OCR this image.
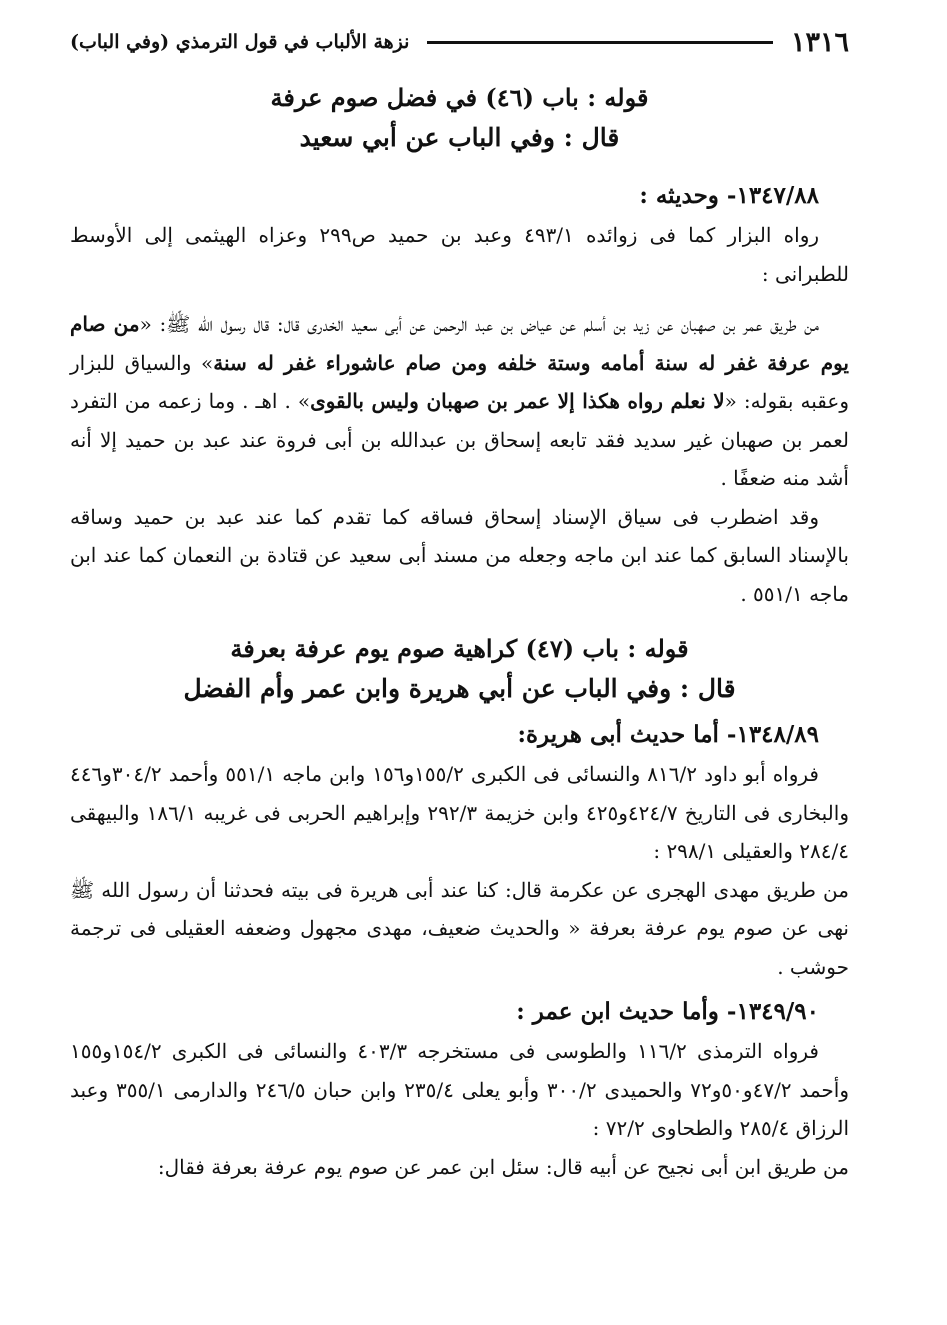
١٣١٦
نزهة الألباب في قول الترمذي (وفي الباب)
قوله : باب (٤٦) في فضل صوم عرفة
قال : وفي الباب عن أبي سعيد
١٣٤٧/٨٨- وحديثه :

رواه البزار كما فى زوائده ٤٩٣/١ وعبد بن حميد ص٢٩٩ وعزاه الهيثمى إلى الأوسط للطبرانى :

من طريق عمر بن صهبان عن زيد بن أسلم عن عياض بن عبد الرحمن عن أبى سعيد الخدرى قال: قال رسول الله ﷺ: «من صام يوم عرفة غفر له سنة أمامه وستة خلفه ومن صام عاشوراء غفر له سنة» والسياق للبزار وعقبه بقوله: «لا نعلم رواه هكذا إلا عمر بن صهبان وليس بالقوى» . اهـ . وما زعمه من التفرد لعمر بن صهبان غير سديد فقد تابعه إسحاق بن عبدالله بن أبى فروة عند عبد بن حميد إلا أنه أشد منه ضعفًا .

وقد اضطرب فى سياق الإسناد إسحاق فساقه كما تقدم كما عند عبد بن حميد وساقه بالإسناد السابق كما عند ابن ماجه وجعله من مسند أبى سعيد عن قتادة بن النعمان كما عند ابن ماجه ٥٥١/١ .

قوله : باب (٤٧) كراهية صوم يوم عرفة بعرفة
قال : وفي الباب عن أبي هريرة وابن عمر وأم الفضل
١٣٤٨/٨٩- أما حديث أبى هريرة:

فرواه أبو داود ٨١٦/٢ والنسائى فى الكبرى ١٥٥/٢و١٥٦ وابن ماجه ٥٥١/١ وأحمد ٣٠٤/٢و٤٤٦ والبخارى فى التاريخ ٤٢٤/٧و٤٢٥ وابن خزيمة ٢٩٢/٣ وإبراهيم الحربى فى غريبه ١٨٦/١ والبيهقى ٢٨٤/٤ والعقيلى ٢٩٨/١ :

من طريق مهدى الهجرى عن عكرمة قال: كنا عند أبى هريرة فى بيته فحدثنا أن رسول الله ﷺ نهى عن صوم يوم عرفة بعرفة « والحديث ضعيف، مهدى مجهول وضعفه العقيلى فى ترجمة حوشب .

١٣٤٩/٩٠- وأما حديث ابن عمر :

فرواه الترمذى ١١٦/٢ والطوسى فى مستخرجه ٤٠٣/٣ والنسائى فى الكبرى ١٥٤/٢و١٥٥ وأحمد ٤٧/٢و٥٠و٧٢ والحميدى ٣٠٠/٢ وأبو يعلى ٢٣٥/٤ وابن حبان ٢٤٦/٥ والدارمى ٣٥٥/١ وعبد الرزاق ٢٨٥/٤ والطحاوى ٧٢/٢ :

من طريق ابن أبى نجيح عن أبيه قال: سئل ابن عمر عن صوم يوم عرفة بعرفة فقال:
